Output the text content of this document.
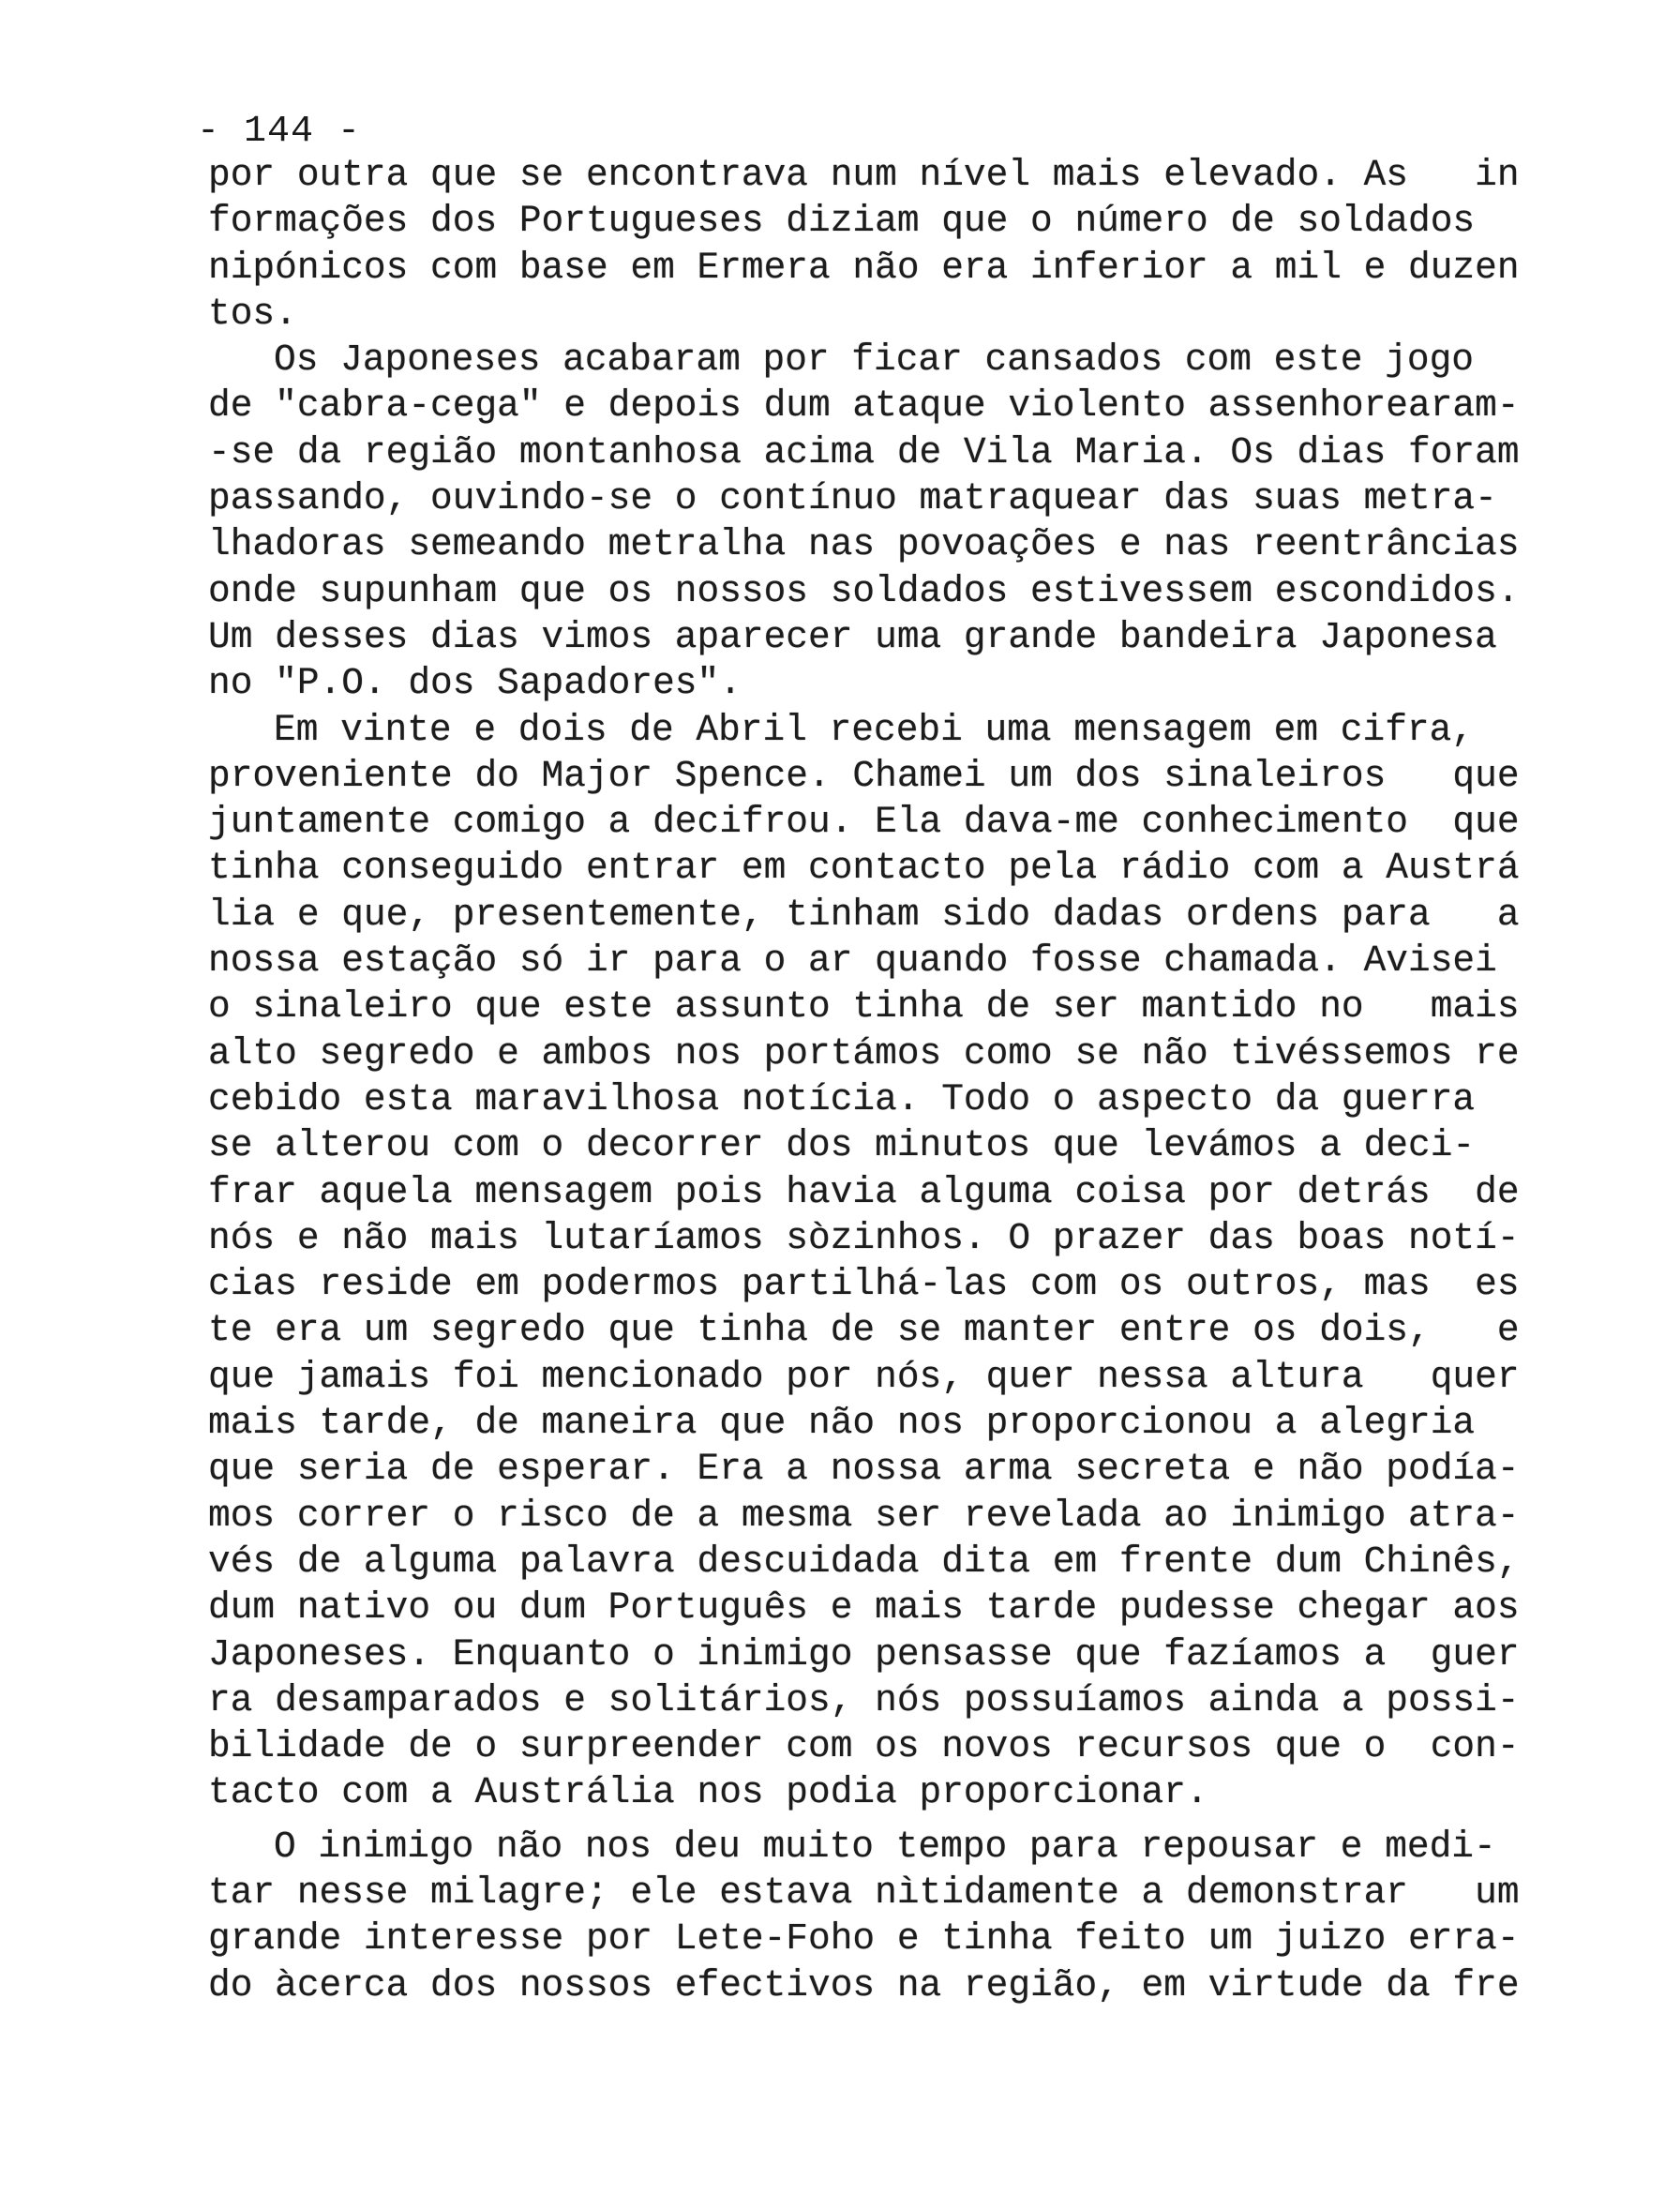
- 144 -
por outra que se encontrava num nível mais elevado. As   in
formações dos Portugueses diziam que o número de soldados
nipónicos com base em Ermera não era inferior a mil e duzen
tos.
Os Japoneses acabaram por ficar cansados com este jogo
de "cabra-cega" e depois dum ataque violento assenhorearam-
-se da região montanhosa acima de Vila Maria. Os dias foram
passando, ouvindo-se o contínuo matraquear das suas metra-
lhadoras semeando metralha nas povoações e nas reentrâncias
onde supunham que os nossos soldados estivessem escondidos.
Um desses dias vimos aparecer uma grande bandeira Japonesa
no "P.O. dos Sapadores".
Em vinte e dois de Abril recebi uma mensagem em cifra,
proveniente do Major Spence. Chamei um dos sinaleiros   que
juntamente comigo a decifrou. Ela dava-me conhecimento  que
tinha conseguido entrar em contacto pela rádio com a Austrá
lia e que, presentemente, tinham sido dadas ordens para   a
nossa estação só ir para o ar quando fosse chamada. Avisei
o sinaleiro que este assunto tinha de ser mantido no   mais
alto segredo e ambos nos portámos como se não tivéssemos re
cebido esta maravilhosa notícia. Todo o aspecto da guerra
se alterou com o decorrer dos minutos que levámos a deci-
frar aquela mensagem pois havia alguma coisa por detrás  de
nós e não mais lutaríamos sòzinhos. O prazer das boas notí-
cias reside em podermos partilhá-las com os outros, mas  es
te era um segredo que tinha de se manter entre os dois,   e
que jamais foi mencionado por nós, quer nessa altura   quer
mais tarde, de maneira que não nos proporcionou a alegria
que seria de esperar. Era a nossa arma secreta e não podía-
mos correr o risco de a mesma ser revelada ao inimigo atra-
vés de alguma palavra descuidada dita em frente dum Chinês,
dum nativo ou dum Português e mais tarde pudesse chegar aos
Japoneses. Enquanto o inimigo pensasse que fazíamos a  guer
ra desamparados e solitários, nós possuíamos ainda a possi-
bilidade de o surpreender com os novos recursos que o  con-
tacto com a Austrália nos podia proporcionar.
O inimigo não nos deu muito tempo para repousar e medi-
tar nesse milagre; ele estava nìtidamente a demonstrar   um
grande interesse por Lete-Foho e tinha feito um juizo erra-
do àcerca dos nossos efectivos na região, em virtude da fre
